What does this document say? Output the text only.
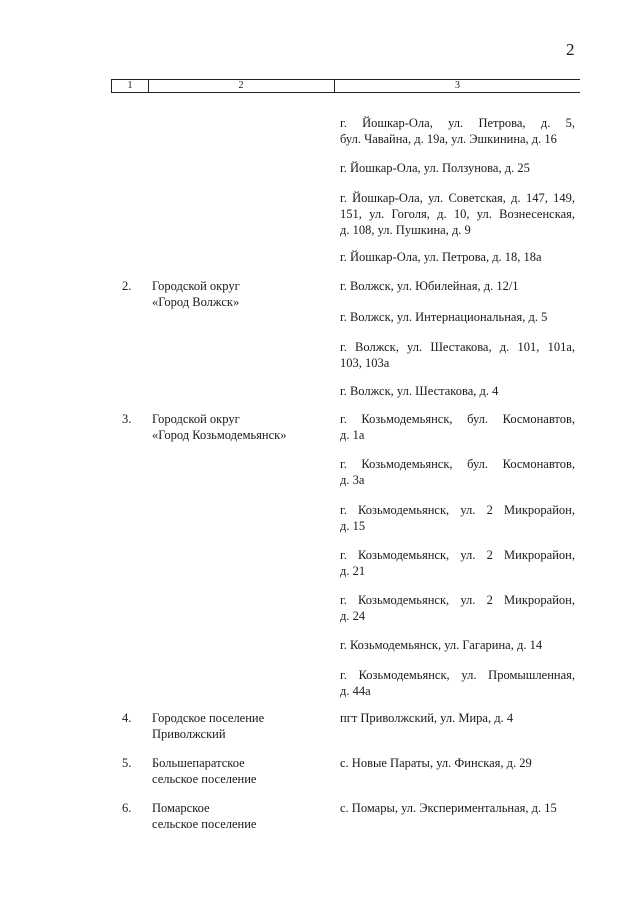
2
1	2	3
г. Йошкар-Ола, ул. Петрова, д. 5,
бул. Чавайна, д. 19а, ул. Эшкинина, д. 16
г. Йошкар-Ола, ул. Ползунова, д. 25
г. Йошкар-Ола, ул. Советская, д. 147, 149,
151, ул. Гоголя, д. 10, ул. Вознесенская,
д. 108, ул. Пушкина, д. 9
г. Йошкар-Ола, ул. Петрова, д. 18, 18а
2. Городской округ
«Город Волжск»
г. Волжск, ул. Юбилейная, д. 12/1
г. Волжск, ул. Интернациональная, д. 5
г. Волжск, ул. Шестакова, д. 101, 101а,
103, 103а
г. Волжск, ул. Шестакова, д. 4
3. Городской округ
«Город Козьмодемьянск»
г. Козьмодемьянск, бул. Космонавтов,
д. 1а
г. Козьмодемьянск, бул. Космонавтов,
д. 3а
г. Козьмодемьянск, ул. 2 Микрорайон,
д. 15
г. Козьмодемьянск, ул. 2 Микрорайон,
д. 21
г. Козьмодемьянск, ул. 2 Микрорайон,
д. 24
г. Козьмодемьянск, ул. Гагарина, д. 14
г. Козьмодемьянск, ул. Промышленная,
д. 44а
4. Городское поселение
Приволжский
пгт Приволжский, ул. Мира, д. 4
5. Большепаратское
сельское поселение
с. Новые Параты, ул. Финская, д. 29
6. Помарское
сельское поселение
с. Помары, ул. Экспериментальная, д. 15
